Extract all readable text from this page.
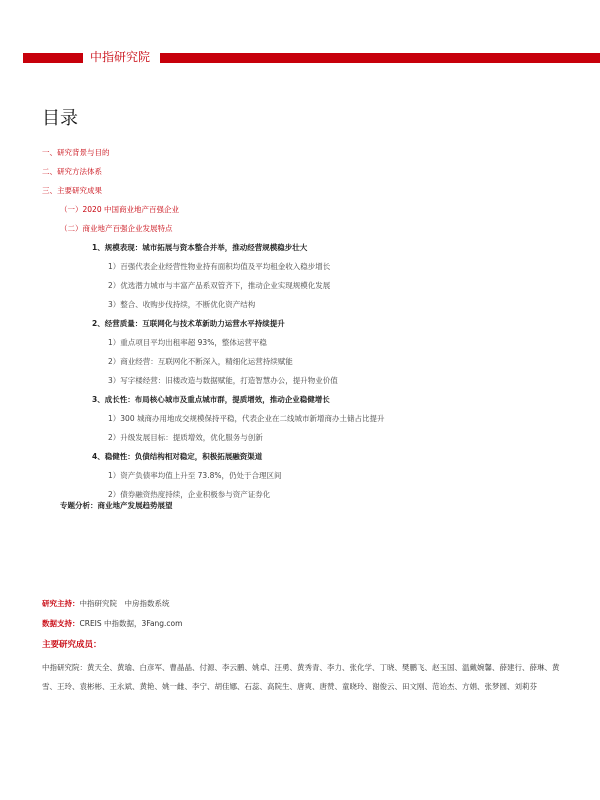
中指研究院
目录
一、研究背景与目的
二、研究方法体系
三、主要研究成果
（一）2020 中国商业地产百强企业
（二）商业地产百强企业发展特点
1、规模表现：城市拓展与资本整合并举，推动经营规模稳步壮大
1）百强代表企业经营性物业持有面积均值及平均租金收入稳步增长
2）优选潜力城市与丰富产品系双管齐下，推动企业实现规模化发展
3）整合、收购步伐持续，不断优化资产结构
2、经营质量：互联网化与技术革新助力运营水平持续提升
1）重点项目平均出租率超 93%，整体运营平稳
2）商业经营：互联网化不断深入，精细化运营持续赋能
3）写字楼经营：旧楼改造与数据赋能，打造智慧办公，提升物业价值
3、成长性：布局核心城市及重点城市群，提质增效，推动企业稳健增长
1）300 城商办用地成交规模保持平稳，代表企业在二线城市新增商办土储占比提升
2）升级发展目标：提质增效，优化服务与创新
4、稳健性：负债结构相对稳定，积极拓展融资渠道
1）资产负债率均值上升至 73.8%，仍处于合理区间
2）债券融资热度持续，企业积极参与资产证券化
专题分析：商业地产发展趋势展望
研究主持：中指研究院　中房指数系统
数据支持：CREIS 中指数据，3Fang.com
主要研究成员：
中指研究院：黄天全、黄瑜、白彦军、曹晶晶、付源、李云鹏、姚卓、汪勇、黄秀青、李力、张化学、丁晓、樊鹏飞、赵玉国、温戴婉馨、薛建行、薛琳、黄雪、王玲、袁彬彬、王永斌、黄艳、姚一雌、李宁、胡佳娜、石蕊、高院生、唐爽、唐赞、童晓玲、谢俊云、田文刚、范诒杰、方娟、张梦圆、刘莉芬
